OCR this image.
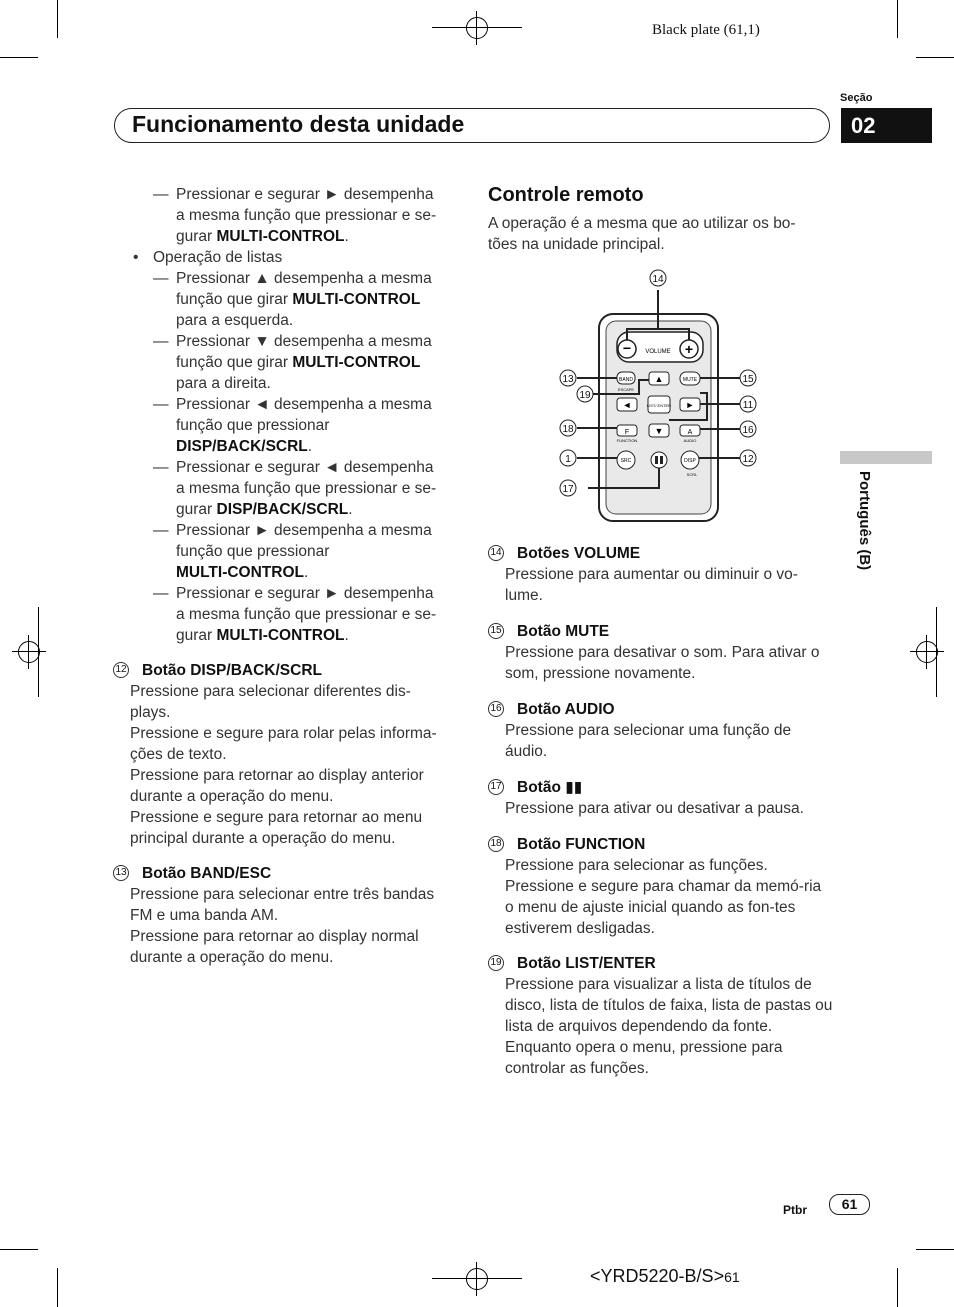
Black plate (61,1)
Seção
Funcionamento desta unidade	02
Português (B)
— Pressionar e segurar ► desempenha
a mesma função que pressionar e se-
gurar MULTI-CONTROL.
• Operação de listas
— Pressionar ▲ desempenha a mesma
função que girar MULTI-CONTROL
para a esquerda.
— Pressionar ▼ desempenha a mesma
função que girar MULTI-CONTROL
para a direita.
— Pressionar ◄ desempenha a mesma
função que pressionar
DISP/BACK/SCRL.
— Pressionar e segurar ◄ desempenha
a mesma função que pressionar e se-
gurar DISP/BACK/SCRL.
— Pressionar ► desempenha a mesma
função que pressionar
MULTI-CONTROL.
— Pressionar e segurar ► desempenha
a mesma função que pressionar e se-
gurar MULTI-CONTROL.
12 Botão DISP/BACK/SCRL
Pressione para selecionar diferentes dis-plays.
Pressione e segure para rolar pelas informa-ções de texto.
Pressione para retornar ao display anterior durante a operação do menu.
Pressione e segure para retornar ao menu principal durante a operação do menu.
13 Botão BAND/ESC
Pressione para selecionar entre três bandas FM e uma banda AM.
Pressione para retornar ao display normal durante a operação do menu.
Controle remoto
A operação é a mesma que ao utilizar os bo-tões na unidade principal.
−	+
VOLUME
BAND
ESCAPE
▲	MUTE
◄	LIST/ ENTER ►
F
FUNCTION
▼	A
AUDIO
SRC	DISP
SCRL
14
13
19
18
1
17
15
11
16
12
14 Botões VOLUME
Pressione para aumentar ou diminuir o vo-lume.
15 Botão MUTE
Pressione para desativar o som. Para ativar o som, pressione novamente.
16 Botão AUDIO
Pressione para selecionar uma função de áudio.
17 Botão ▮▮
Pressione para ativar ou desativar a pausa.
18 Botão FUNCTION
Pressione para selecionar as funções.
Pressione e segure para chamar da memó-ria o menu de ajuste inicial quando as fon-tes estiverem desligadas.
19 Botão LIST/ENTER
Pressione para visualizar a lista de títulos de disco, lista de títulos de faixa, lista de pastas ou lista de arquivos dependendo da fonte.
Enquanto opera o menu, pressione para controlar as funções.
Ptbr	61
<YRD5220-B/S>61
